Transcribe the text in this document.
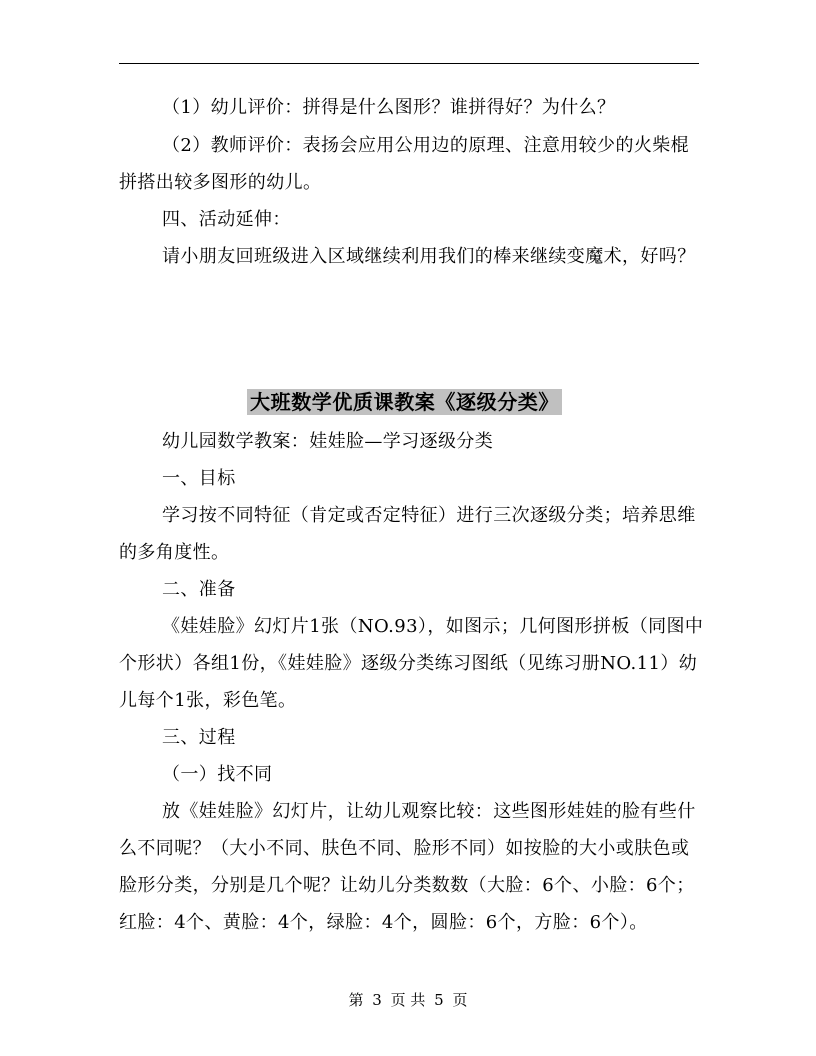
（1）幼儿评价：拼得是什么图形？谁拼得好？为什么？
（2）教师评价：表扬会应用公用边的原理、注意用较少的火柴棍
拼搭出较多图形的幼儿。
四、活动延伸：
请小朋友回班级进入区域继续利用我们的棒来继续变魔术，好吗？
大班数学优质课教案《逐级分类》
幼儿园数学教案：娃娃脸—学习逐级分类
一、目标
学习按不同特征（肯定或否定特征）进行三次逐级分类；培养思维
的多角度性。
二、准备
《娃娃脸》幻灯片1张（NO.93），如图示；几何图形拼板（同图中
个形状）各组1份，《娃娃脸》逐级分类练习图纸（见练习册NO.11）幼
儿每个1张，彩色笔。
三、过程
（一）找不同
放《娃娃脸》幻灯片，让幼儿观察比较：这些图形娃娃的脸有些什
么不同呢？（大小不同、肤色不同、脸形不同）如按脸的大小或肤色或
脸形分类，分别是几个呢？让幼儿分类数数（大脸：6个、小脸：6个；
红脸：4个、黄脸：4个，绿脸：4个，圆脸：6个，方脸：6个）。
第 3 页 共 5 页
